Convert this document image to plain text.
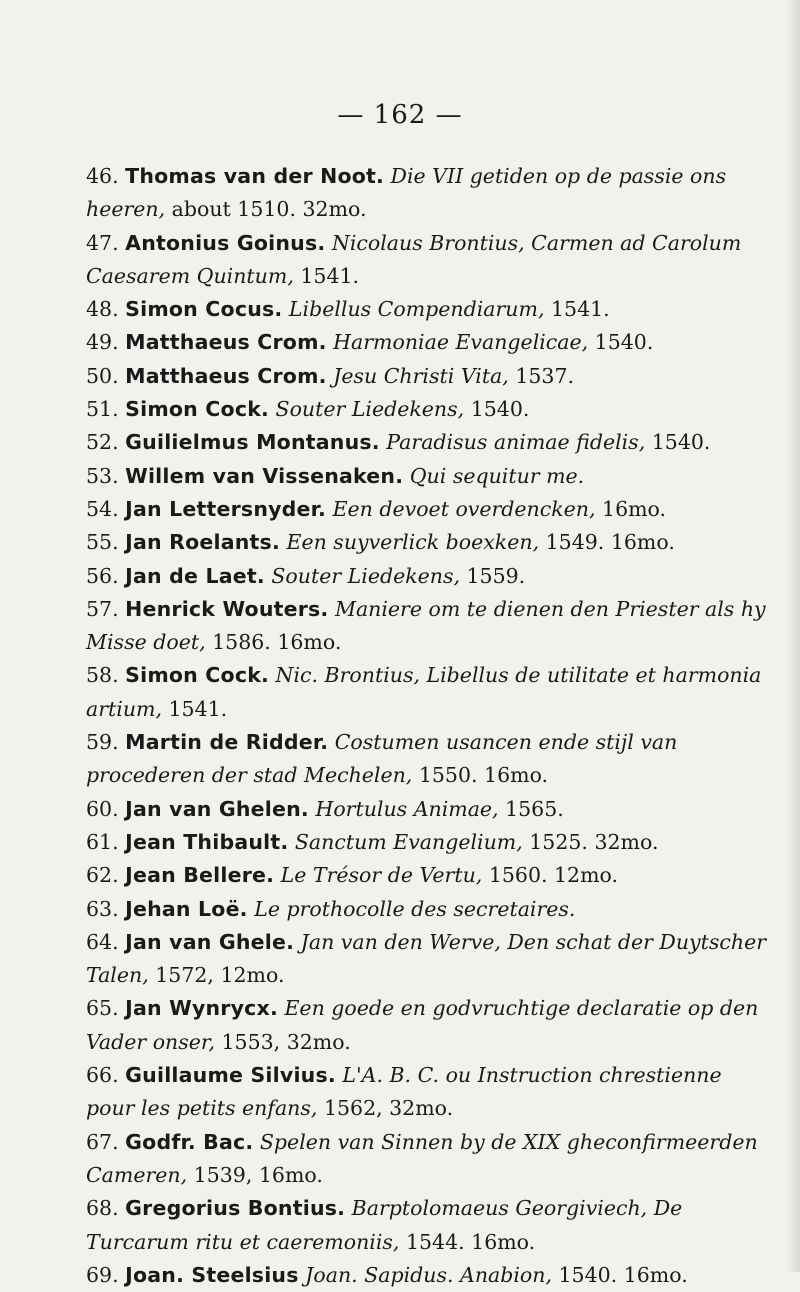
— 162 —

46. Thomas van der Noot. Die VII getiden op de passie ons heeren, about 1510. 32mo.

47. Antonius Goinus. Nicolaus Brontius, Carmen ad Carolum Caesarem Quintum, 1541.

48. Simon Cocus. Libellus Compendiarum, 1541.

49. Matthaeus Crom. Harmoniae Evangelicae, 1540.

50. Matthaeus Crom. Jesu Christi Vita, 1537.

51. Simon Cock. Souter Liedekens, 1540.

52. Guilielmus Montanus. Paradisus animae fidelis, 1540.

53. Willem van Vissenaken. Qui sequitur me.

54. Jan Lettersnyder. Een devoet overdencken, 16mo.

55. Jan Roelants. Een suyverlick boexken, 1549. 16mo.

56. Jan de Laet. Souter Liedekens, 1559.

57. Henrick Wouters. Maniere om te dienen den Priester als hy Misse doet, 1586. 16mo.

58. Simon Cock. Nic. Brontius, Libellus de utilitate et harmonia artium, 1541.

59. Martin de Ridder. Costumen usancen ende stijl van procederen der stad Mechelen, 1550. 16mo.

60. Jan van Ghelen. Hortulus Animae, 1565.

61. Jean Thibault. Sanctum Evangelium, 1525. 32mo.

62. Jean Bellere. Le Trésor de Vertu, 1560. 12mo.

63. Jehan Loë. Le prothocolle des secretaires.

64. Jan van Ghele. Jan van den Werve, Den schat der Duytscher Talen, 1572, 12mo.

65. Jan Wynrycx. Een goede en godvruchtige declaratie op den Vader onser, 1553, 32mo.

66. Guillaume Silvius. L'A. B. C. ou Instruction chrestienne pour les petits enfans, 1562, 32mo.

67. Godfr. Bac. Spelen van Sinnen by de XIX gheconfirmeerden Cameren, 1539, 16mo.

68. Gregorius Bontius. Barptolomaeus Georgiviech, De Turcarum ritu et caeremoniis, 1544. 16mo.

69. Joan. Steelsius Joan. Sapidus. Anabion, 1540. 16mo.
